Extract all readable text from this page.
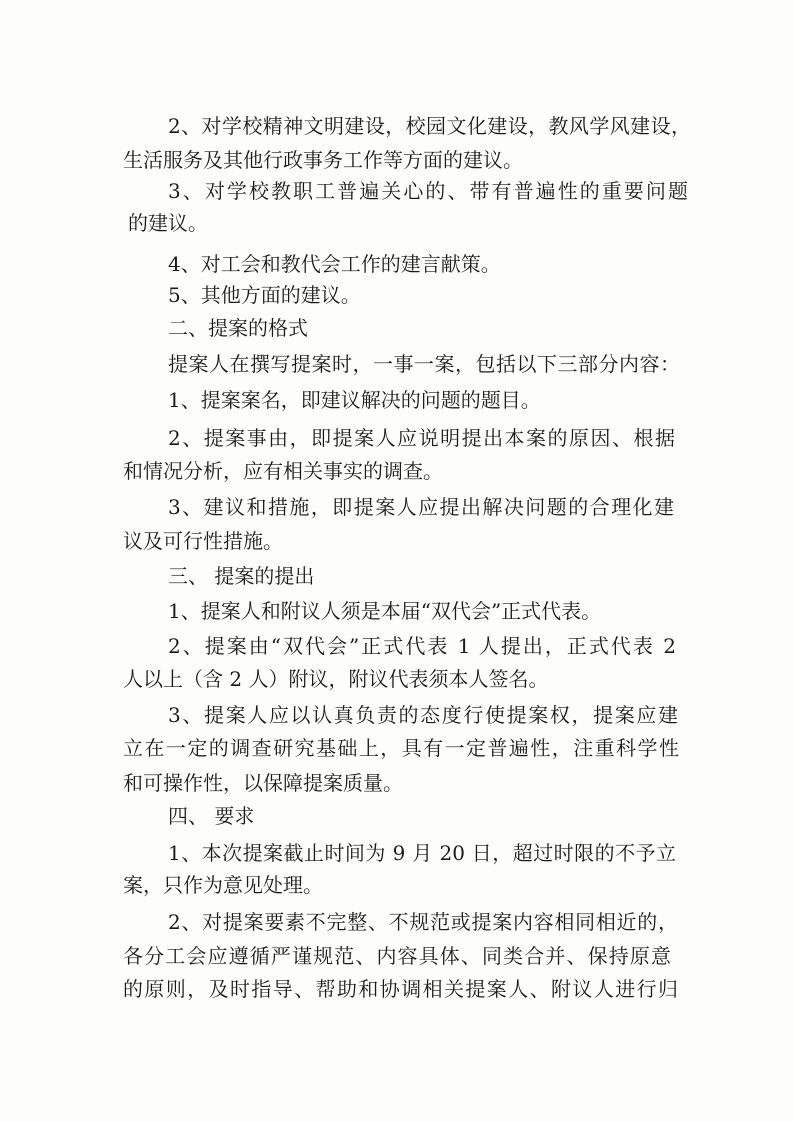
2、对学校精神文明建设，校园文化建设，教风学风建设，
生活服务及其他行政事务工作等方面的建议。
3、对学校教职工普遍关心的、带有普遍性的重要问题
的建议。
4、对工会和教代会工作的建言献策。
5、其他方面的建议。
二、提案的格式
提案人在撰写提案时，一事一案，包括以下三部分内容：
1、提案案名，即建议解决的问题的题目。
2、提案事由，即提案人应说明提出本案的原因、根据
和情况分析，应有相关事实的调查。
3、建议和措施，即提案人应提出解决问题的合理化建
议及可行性措施。
三、 提案的提出
1、提案人和附议人须是本届“双代会”正式代表。
2、提案由“双代会”正式代表 1 人提出，正式代表 2
人以上（含 2 人）附议，附议代表须本人签名。
3、提案人应以认真负责的态度行使提案权，提案应建
立在一定的调查研究基础上，具有一定普遍性，注重科学性
和可操作性，以保障提案质量。
四、 要求
1、本次提案截止时间为 9 月 20 日，超过时限的不予立
案，只作为意见处理。
2、对提案要素不完整、不规范或提案内容相同相近的，
各分工会应遵循严谨规范、内容具体、同类合并、保持原意
的原则，及时指导、帮助和协调相关提案人、附议人进行归
